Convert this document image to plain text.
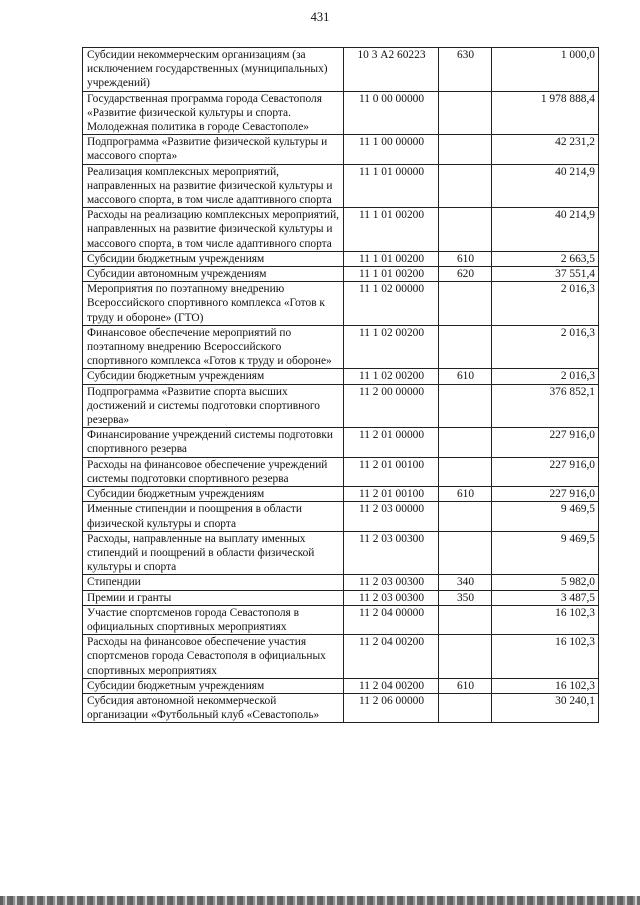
431
Субсидии некоммерческим организациям (за исключением государственных (муниципальных) учреждений)	10 3 А2 60223	630	1 000,0
Государственная программа города Севастополя «Развитие физической культуры и спорта. Молодежная политика в городе Севастополе»	11 0 00 00000		1 978 888,4
Подпрограмма «Развитие физической культуры и массового спорта»	11 1 00 00000		42 231,2
Реализация комплексных мероприятий, направленных на развитие физической культуры и массового спорта, в том числе адаптивного спорта	11 1 01 00000		40 214,9
Расходы на реализацию комплексных мероприятий, направленных на развитие физической культуры и массового спорта, в том числе адаптивного спорта	11 1 01 00200		40 214,9
Субсидии бюджетным учреждениям	11 1 01 00200	610	2 663,5
Субсидии автономным учреждениям	11 1 01 00200	620	37 551,4
Мероприятия по поэтапному внедрению Всероссийского спортивного комплекса «Готов к труду и обороне» (ГТО)	11 1 02 00000		2 016,3
Финансовое обеспечение мероприятий по поэтапному внедрению Всероссийского спортивного комплекса «Готов к труду и обороне»	11 1 02 00200		2 016,3
Субсидии бюджетным учреждениям	11 1 02 00200	610	2 016,3
Подпрограмма «Развитие спорта высших достижений и системы подготовки спортивного резерва»	11 2 00 00000		376 852,1
Финансирование учреждений системы подготовки спортивного резерва	11 2 01 00000		227 916,0
Расходы на финансовое обеспечение учреждений системы подготовки спортивного резерва	11 2 01 00100		227 916,0
Субсидии бюджетным учреждениям	11 2 01 00100	610	227 916,0
Именные стипендии и поощрения в области физической культуры и спорта	11 2 03 00000		9 469,5
Расходы, направленные на выплату именных стипендий и поощрений в области физической культуры и спорта	11 2 03 00300		9 469,5
Стипендии	11 2 03 00300	340	5 982,0
Премии и гранты	11 2 03 00300	350	3 487,5
Участие спортсменов города Севастополя в официальных спортивных мероприятиях	11 2 04 00000		16 102,3
Расходы на финансовое обеспечение участия спортсменов города Севастополя в официальных спортивных мероприятиях	11 2 04 00200		16 102,3
Субсидии бюджетным учреждениям	11 2 04 00200	610	16 102,3
Субсидия автономной некоммерческой организации «Футбольный клуб «Севастополь»	11 2 06 00000		30 240,1
